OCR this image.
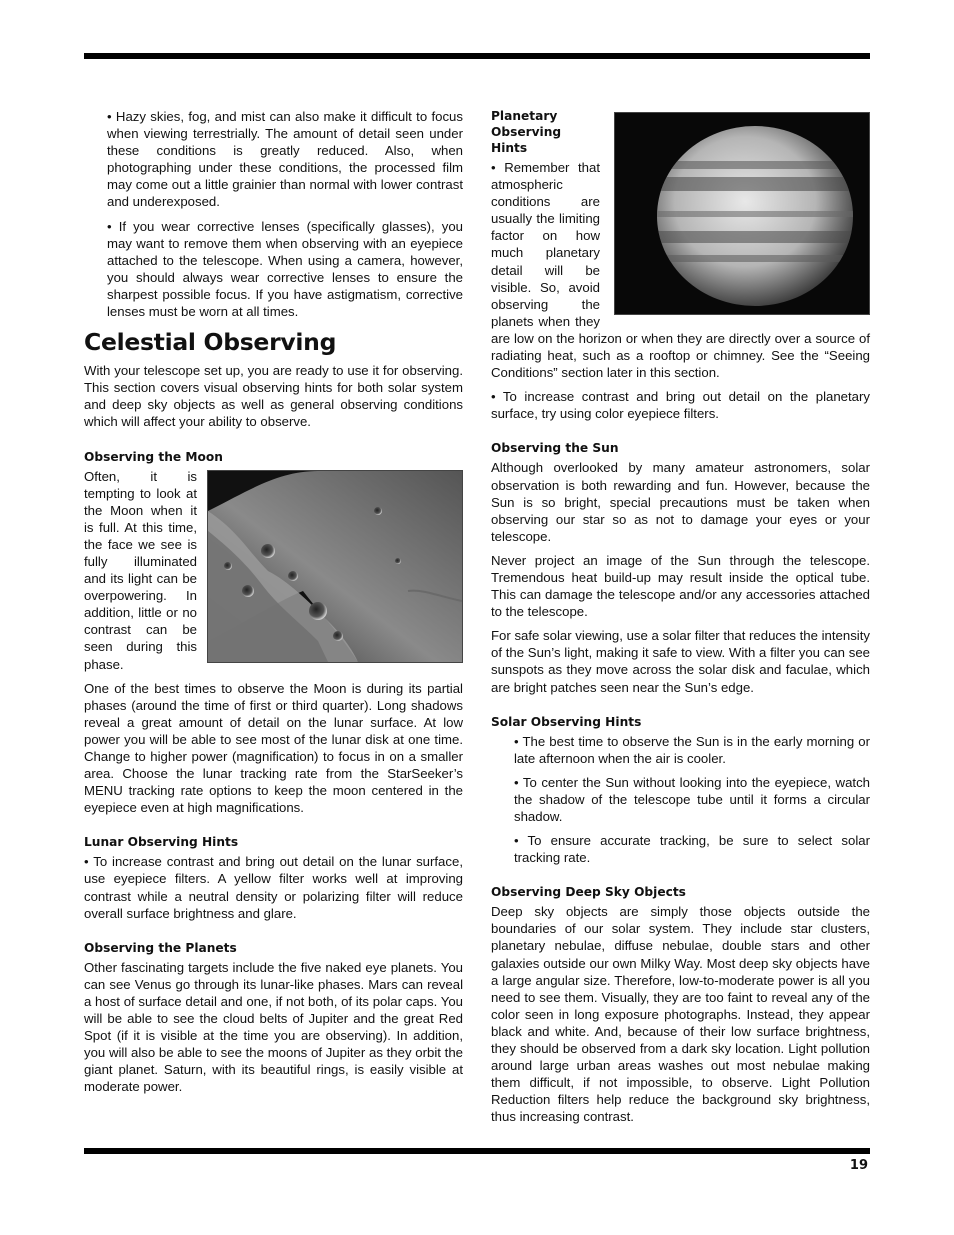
• Hazy skies, fog, and mist can also make it difficult to focus when viewing terrestrially. The amount of detail seen under these conditions is greatly reduced. Also, when photographing under these conditions, the processed film may come out a little grainier than normal with lower contrast and underexposed.

• If you wear corrective lenses (specifically glasses), you may want to remove them when observing with an eyepiece attached to the telescope. When using a camera, however, you should always wear corrective lenses to ensure the sharpest possible focus. If you have astigmatism, corrective lenses must be worn at all times.

Celestial Observing

With your telescope set up, you are ready to use it for observing. This section covers visual observing hints for both solar system and deep sky objects as well as general observing conditions which will affect your ability to observe.

Observing the Moon

Often, it is tempting to look at the Moon when it is full. At this time, the face we see is fully illuminated and its light can be overpowering. In addition, little or no contrast can be seen during this phase.

One of the best times to observe the Moon is during its partial phases (around the time of first or third quarter). Long shadows reveal a great amount of detail on the lunar surface. At low power you will be able to see most of the lunar disk at one time. Change to higher power (magnification) to focus in on a smaller area. Choose the lunar tracking rate from the StarSeeker’s MENU tracking rate options to keep the moon centered in the eyepiece even at high magnifications.

Lunar Observing Hints

• To increase contrast and bring out detail on the lunar surface, use eyepiece filters. A yellow filter works well at improving contrast while a neutral density or polarizing filter will reduce overall surface brightness and glare.

Observing the Planets

Other fascinating targets include the five naked eye planets. You can see Venus go through its lunar-like phases. Mars can reveal a host of surface detail and one, if not both, of its polar caps. You will be able to see the cloud belts of Jupiter and the great Red Spot (if it is visible at the time you are observing). In addition, you will also be able to see the moons of Jupiter as they orbit the giant planet. Saturn, with its beautiful rings, is easily visible at moderate power.

Planetary Observing Hints

• Remember that atmospheric conditions are usually the limiting factor on how much planetary detail will be visible. So, avoid observing the planets when they are low on the horizon or when they are directly over a source of radiating heat, such as a rooftop or chimney. See the “Seeing Conditions” section later in this section.

• To increase contrast and bring out detail on the planetary surface, try using color eyepiece filters.

Observing the Sun

Although overlooked by many amateur astronomers, solar observation is both rewarding and fun. However, because the Sun is so bright, special precautions must be taken when observing our star so as not to damage your eyes or your telescope.

Never project an image of the Sun through the telescope. Tremendous heat build-up may result inside the optical tube. This can damage the telescope and/or any accessories attached to the telescope.

For safe solar viewing, use a solar filter that reduces the intensity of the Sun’s light, making it safe to view. With a filter you can see sunspots as they move across the solar disk and faculae, which are bright patches seen near the Sun’s edge.

Solar Observing Hints

• The best time to observe the Sun is in the early morning or late afternoon when the air is cooler.

• To center the Sun without looking into the eyepiece, watch the shadow of the telescope tube until it forms a circular shadow.

• To ensure accurate tracking, be sure to select solar tracking rate.

Observing Deep Sky Objects

Deep sky objects are simply those objects outside the boundaries of our solar system. They include star clusters, planetary nebulae, diffuse nebulae, double stars and other galaxies outside our own Milky Way. Most deep sky objects have a large angular size. Therefore, low-to-moderate power is all you need to see them. Visually, they are too faint to reveal any of the color seen in long exposure photographs. Instead, they appear black and white. And, because of their low surface brightness, they should be observed from a dark sky location. Light pollution around large urban areas washes out most nebulae making them difficult, if not impossible, to observe. Light Pollution Reduction filters help reduce the background sky brightness, thus increasing contrast.

19
